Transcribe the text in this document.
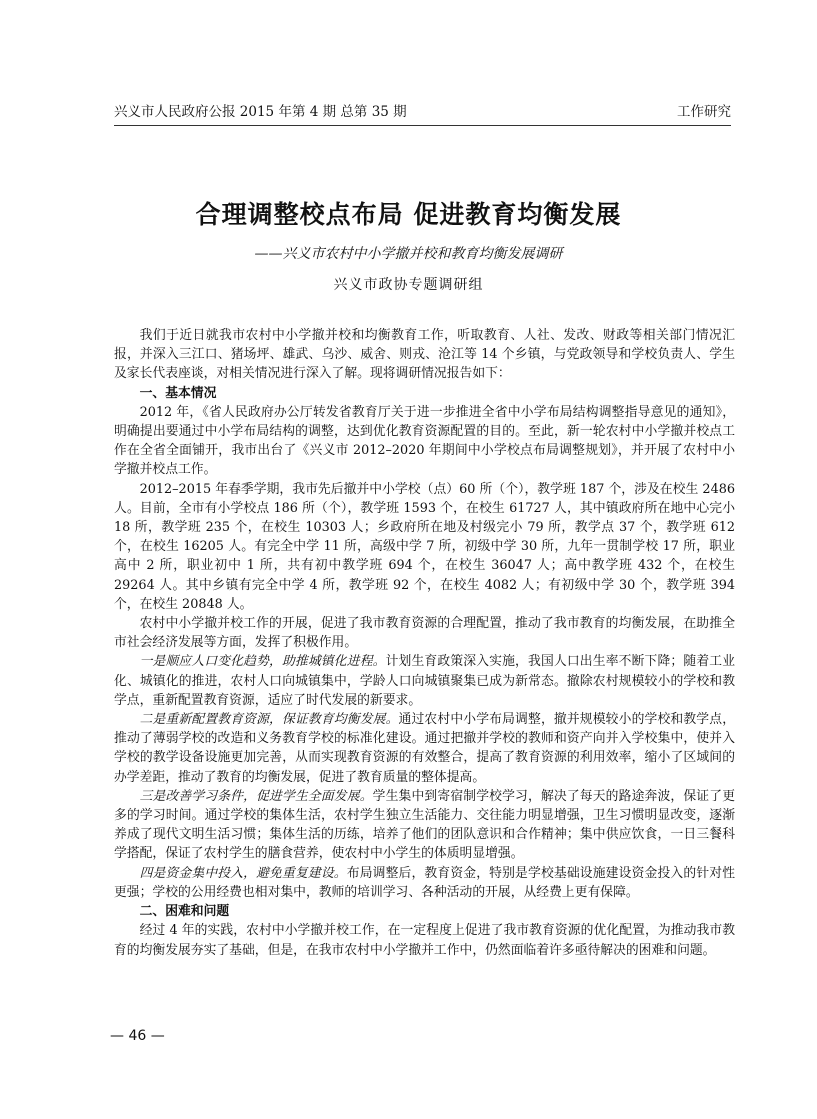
兴义市人民政府公报 2015 年第 4 期 总第 35 期	工作研究
合理调整校点布局 促进教育均衡发展
——兴义市农村中小学撤并校和教育均衡发展调研
兴义市政协专题调研组

我们于近日就我市农村中小学撤并校和均衡教育工作，听取教育、人社、发改、财政等相关部门情况汇报，并深入三江口、猪场坪、雄武、乌沙、威舍、则戎、沧江等 14 个乡镇，与党政领导和学校负责人、学生及家长代表座谈，对相关情况进行深入了解。现将调研情况报告如下：

一、基本情况

2012 年，《省人民政府办公厅转发省教育厅关于进一步推进全省中小学布局结构调整指导意见的通知》，明确提出要通过中小学布局结构的调整，达到优化教育资源配置的目的。至此，新一轮农村中小学撤并校点工作在全省全面铺开，我市出台了《兴义市 2012–2020 年期间中小学校点布局调整规划》，并开展了农村中小学撤并校点工作。

2012–2015 年春季学期，我市先后撤并中小学校（点）60 所（个），教学班 187 个，涉及在校生 2486 人。目前，全市有小学校点 186 所（个），教学班 1593 个，在校生 61727 人，其中镇政府所在地中心完小 18 所，教学班 235 个，在校生 10303 人；乡政府所在地及村级完小 79 所，教学点 37 个，教学班 612 个，在校生 16205 人。有完全中学 11 所，高级中学 7 所，初级中学 30 所，九年一贯制学校 17 所，职业高中 2 所，职业初中 1 所，共有初中教学班 694 个，在校生 36047 人；高中教学班 432 个，在校生 29264 人。其中乡镇有完全中学 4 所，教学班 92 个，在校生 4082 人；有初级中学 30 个，教学班 394 个，在校生 20848 人。

农村中小学撤并校工作的开展，促进了我市教育资源的合理配置，推动了我市教育的均衡发展，在助推全市社会经济发展等方面，发挥了积极作用。

一是顺应人口变化趋势，助推城镇化进程。计划生育政策深入实施，我国人口出生率不断下降；随着工业化、城镇化的推进，农村人口向城镇集中，学龄人口向城镇聚集已成为新常态。撤除农村规模较小的学校和教学点，重新配置教育资源，适应了时代发展的新要求。

二是重新配置教育资源，保证教育均衡发展。通过农村中小学布局调整，撤并规模较小的学校和教学点，推动了薄弱学校的改造和义务教育学校的标准化建设。通过把撤并学校的教师和资产向并入学校集中，使并入学校的教学设备设施更加完善，从而实现教育资源的有效整合，提高了教育资源的利用效率，缩小了区域间的办学差距，推动了教育的均衡发展，促进了教育质量的整体提高。

三是改善学习条件，促进学生全面发展。学生集中到寄宿制学校学习，解决了每天的路途奔波，保证了更多的学习时间。通过学校的集体生活，农村学生独立生活能力、交往能力明显增强，卫生习惯明显改变，逐渐养成了现代文明生活习惯；集体生活的历练，培养了他们的团队意识和合作精神；集中供应饮食，一日三餐科学搭配，保证了农村学生的膳食营养，使农村中小学生的体质明显增强。

四是资金集中投入，避免重复建设。布局调整后，教育资金，特别是学校基础设施建设资金投入的针对性更强；学校的公用经费也相对集中，教师的培训学习、各种活动的开展，从经费上更有保障。

二、困难和问题

经过 4 年的实践，农村中小学撤并校工作，在一定程度上促进了我市教育资源的优化配置，为推动我市教育的均衡发展夯实了基础，但是，在我市农村中小学撤并工作中，仍然面临着许多亟待解决的困难和问题。

— 46 —
